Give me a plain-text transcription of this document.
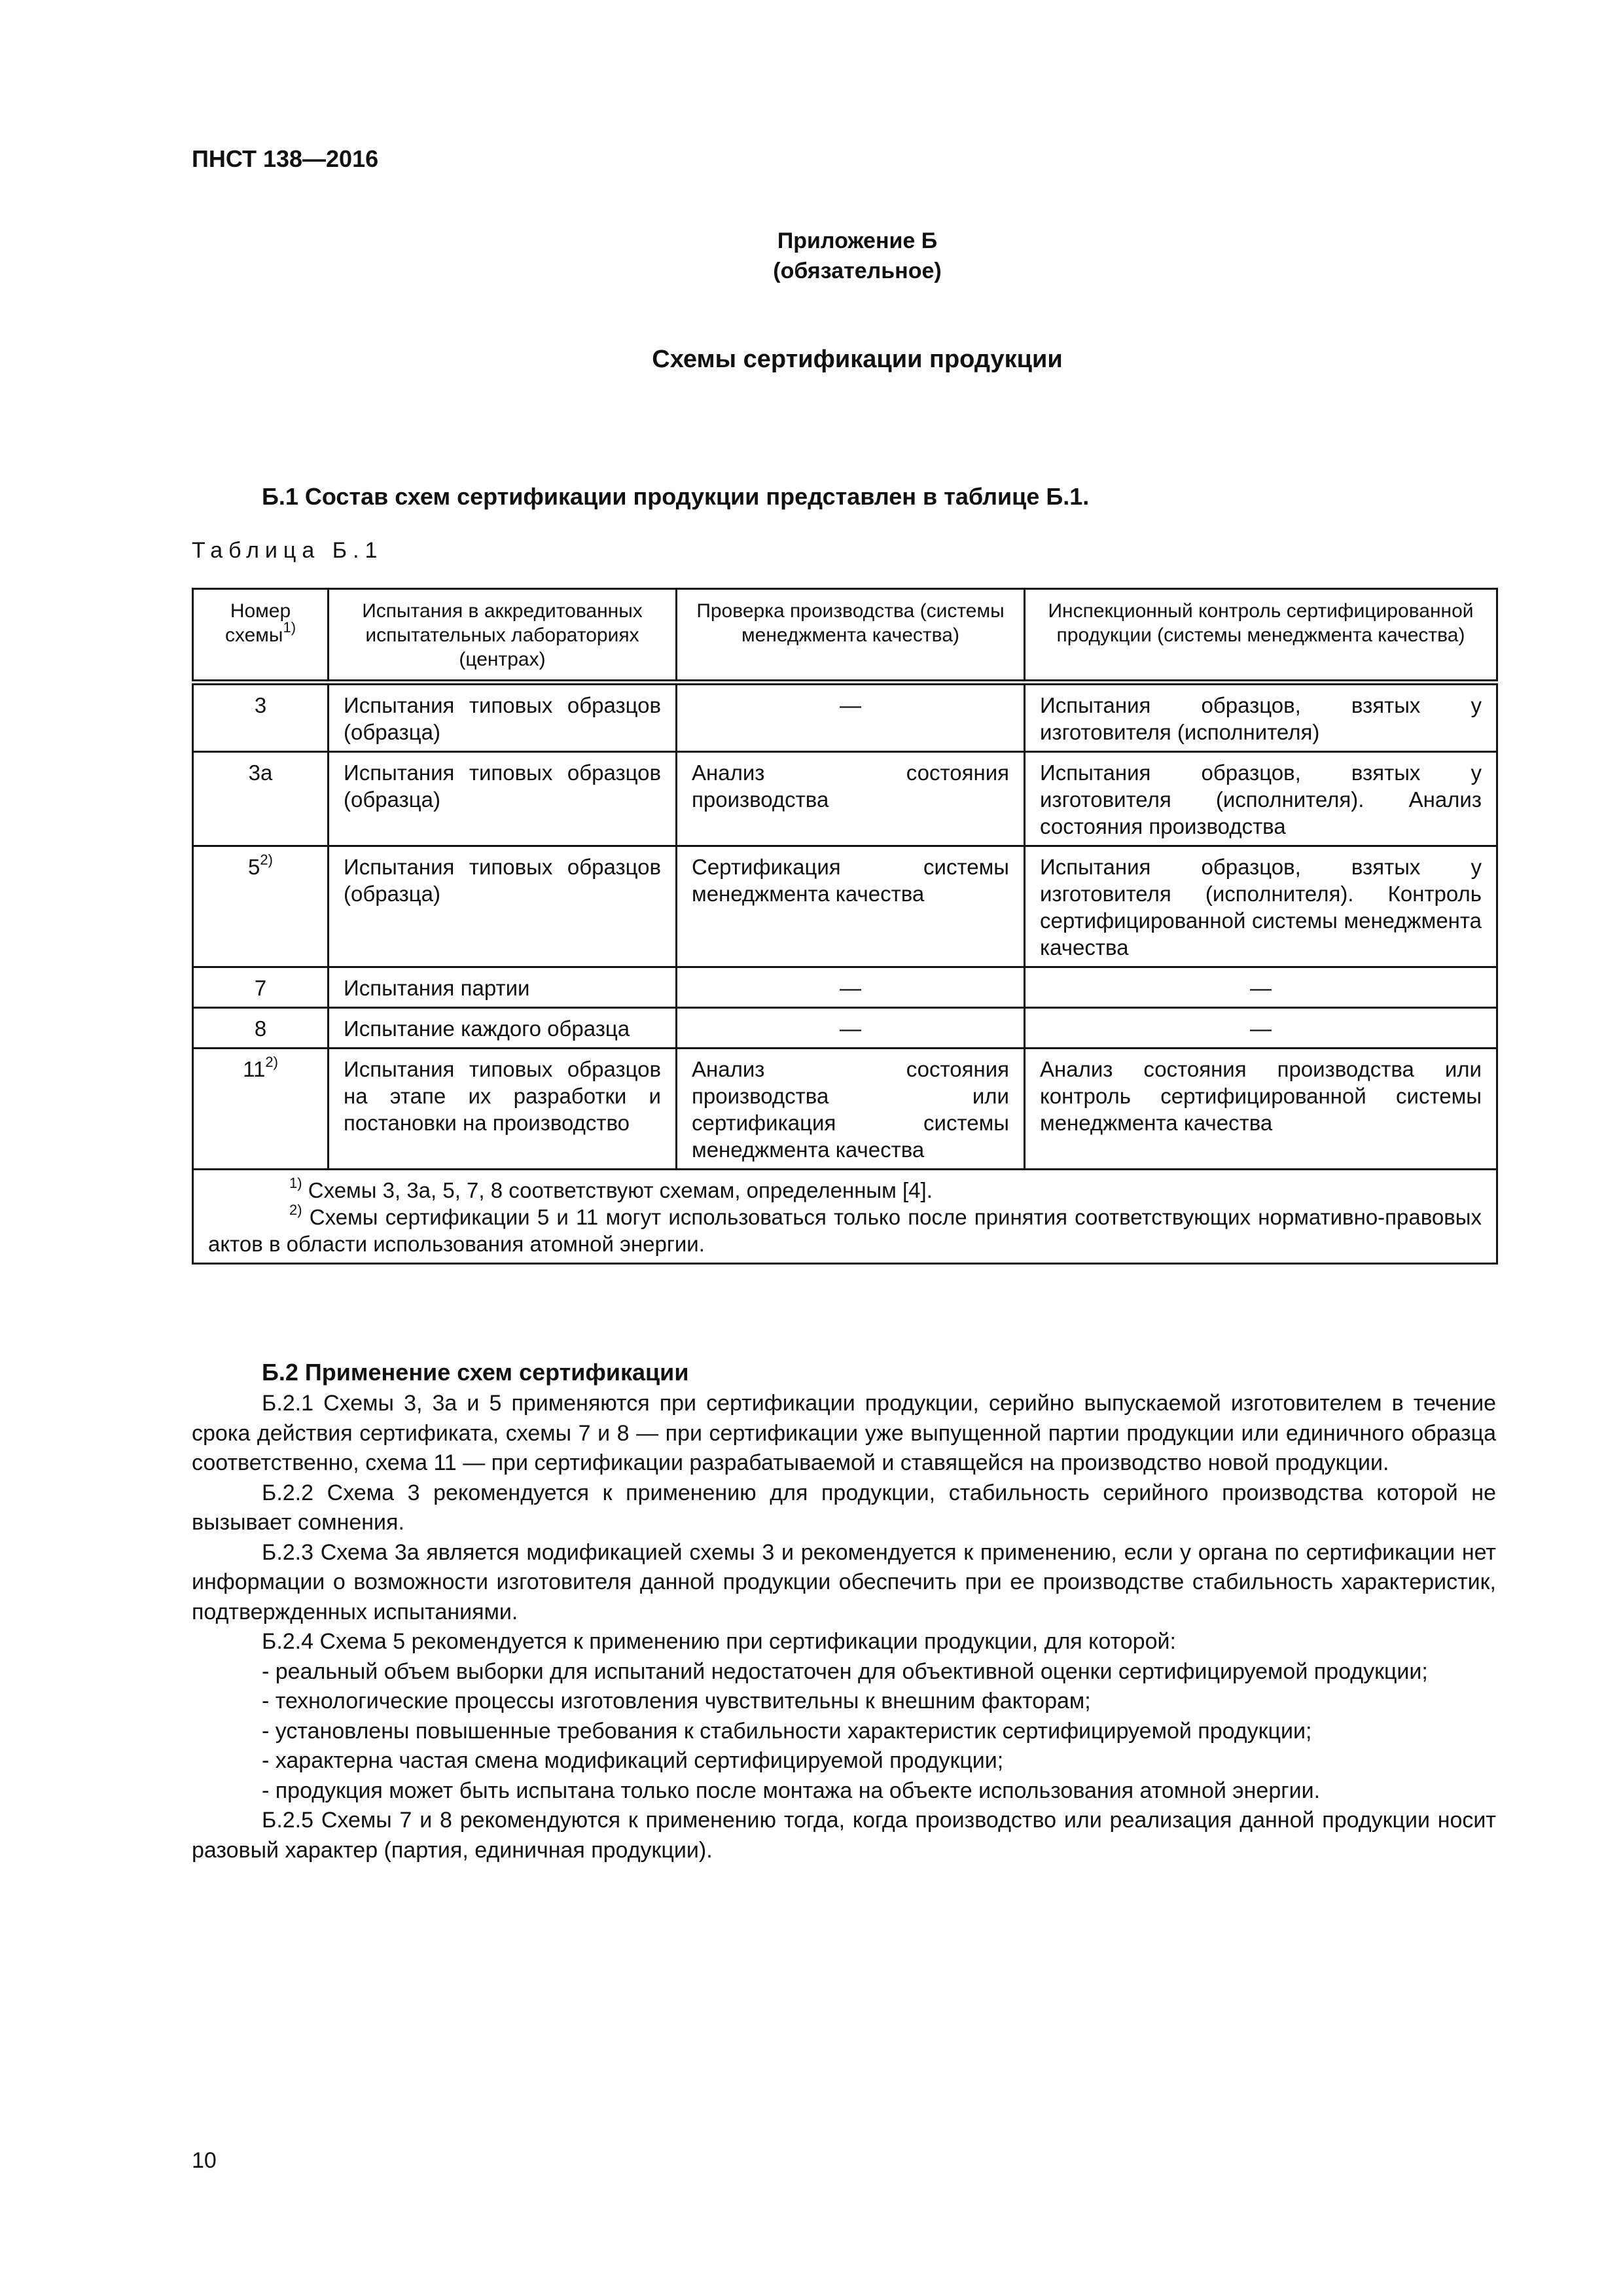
ПНСТ 138—2016
Приложение Б
(обязательное)
Схемы сертификации продукции
Б.1 Состав схем сертификации продукции представлен в таблице Б.1.
Таблица Б.1
Номер схемы$^{1)}$	Испытания в аккредитованных испытательных лабораториях (центрах)	Проверка производства (системы менеджмента качества)	Инспекционный контроль сертифицированной продукции (системы менеджмента качества)
3	Испытания типовых образцов (образца)	—	Испытания образцов, взятых у изготовителя (исполнителя)
3а	Испытания типовых образцов (образца)	Анализ состояния производства	Испытания образцов, взятых у изготовителя (исполнителя). Анализ состояния производства
5$^{2)}$	Испытания типовых образцов (образца)	Сертификация системы менеджмента качества	Испытания образцов, взятых у изготовителя (исполнителя). Контроль сертифицированной системы менеджмента качества
7	Испытания партии	—	—
8	Испытание каждого образца	—	—
11$^{2)}$	Испытания типовых образцов на этапе их разработки и постановки на производство	Анализ состояния производства или сертификация системы менеджмента качества	Анализ состояния производства или контроль сертифицированной системы менеджмента качества

$^{1)}$ Схемы 3, 3а, 5, 7, 8 соответствуют схемам, определенным [4].
$^{2)}$ Схемы сертификации 5 и 11 могут использоваться только после принятия соответствующих нормативно-правовых актов в области использования атомной энергии.			
Б.2 Применение схем сертификации

Б.2.1 Схемы 3, 3а и 5 применяются при сертификации продукции, серийно выпускаемой изготовителем в течение срока действия сертификата, схемы 7 и 8 — при сертификации уже выпущенной партии продукции или единичного образца соответственно, схема 11 — при сертификации разрабатываемой и ставящейся на производство новой продукции.

Б.2.2 Схема 3 рекомендуется к применению для продукции, стабильность серийного производства которой не вызывает сомнения.

Б.2.3 Схема 3а является модификацией схемы 3 и рекомендуется к применению, если у органа по сертификации нет информации о возможности изготовителя данной продукции обеспечить при ее производстве стабильность характеристик, подтвержденных испытаниями.

Б.2.4 Схема 5 рекомендуется к применению при сертификации продукции, для которой:

- реальный объем выборки для испытаний недостаточен для объективной оценки сертифицируемой продукции;

- технологические процессы изготовления чувствительны к внешним факторам;

- установлены повышенные требования к стабильности характеристик сертифицируемой продукции;

- характерна частая смена модификаций сертифицируемой продукции;

- продукция может быть испытана только после монтажа на объекте использования атомной энергии.

Б.2.5 Схемы 7 и 8 рекомендуются к применению тогда, когда производство или реализация данной продукции носит разовый характер (партия, единичная продукции).

10
